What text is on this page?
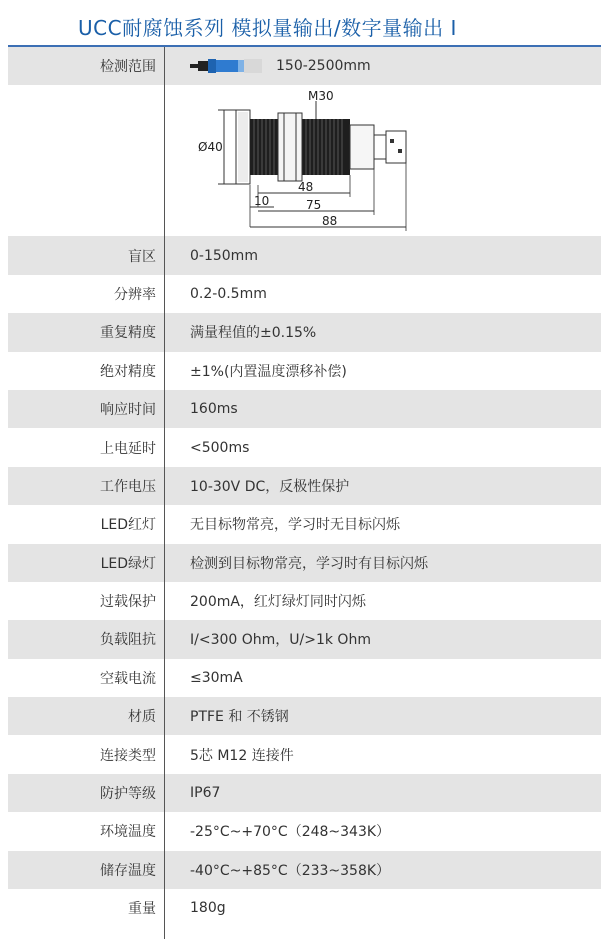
UCC耐腐蚀系列 模拟量输出/数字量输出 I
检测范围	150-2500mm
M30
Ø40
48
10	75
88
盲区 0-150mm
分辨率 0.2-0.5mm
重复精度 满量程值的±0.15%
绝对精度 ±1%(内置温度漂移补偿)
响应时间 160ms
上电延时 <500ms
工作电压 10-30V DC，反极性保护
LED红灯 无目标物常亮，学习时无目标闪烁
LED绿灯 检测到目标物常亮，学习时有目标闪烁
过载保护 200mA，红灯绿灯同时闪烁
负载阻抗 I/<300 Ohm，U/>1k Ohm
空载电流 ≤30mA
材质 PTFE 和 不锈钢
连接类型 5芯 M12 连接件
防护等级 IP67
环境温度 -25°C~+70°C（248~343K）
储存温度 -40°C~+85°C（233~358K）
重量 180g
